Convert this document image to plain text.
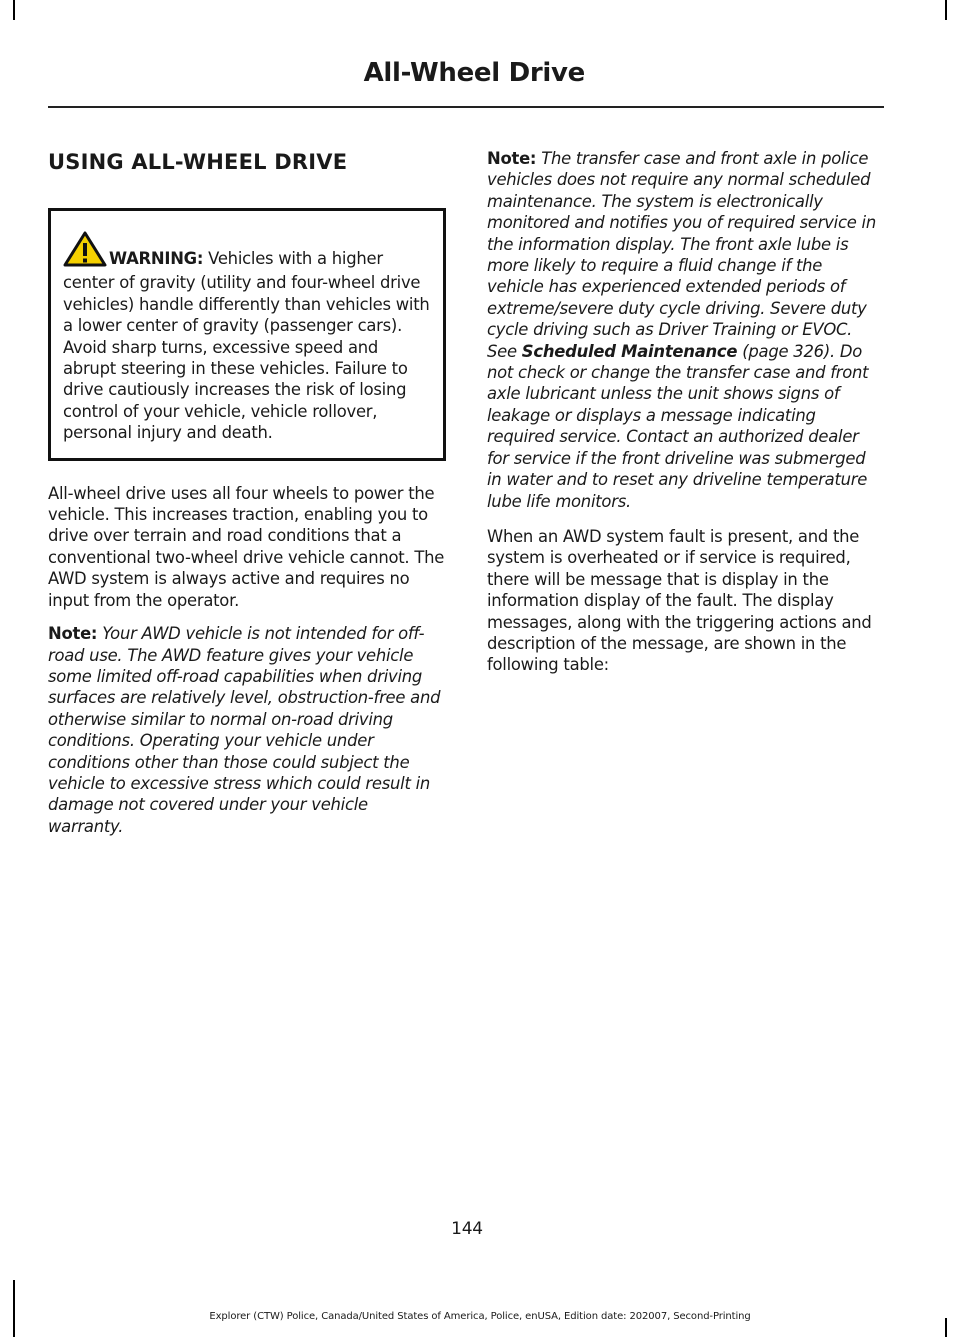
All-Wheel Drive
USING ALL-WHEEL DRIVE
WARNING: Vehicles with a higher center of gravity (utility and four-wheel drive vehicles) handle differently than vehicles with a lower center of gravity (passenger cars). Avoid sharp turns, excessive speed and abrupt steering in these vehicles. Failure to drive cautiously increases the risk of losing control of your vehicle, vehicle rollover, personal injury and death.

All-wheel drive uses all four wheels to power the vehicle. This increases traction, enabling you to drive over terrain and road conditions that a conventional two-wheel drive vehicle cannot. The AWD system is always active and requires no input from the operator.

Note: Your AWD vehicle is not intended for off-road use. The AWD feature gives your vehicle some limited off-road capabilities when driving surfaces are relatively level, obstruction-free and otherwise similar to normal on-road driving conditions. Operating your vehicle under conditions other than those could subject the vehicle to excessive stress which could result in damage not covered under your vehicle warranty.

Note: The transfer case and front axle in police vehicles does not require any normal scheduled maintenance. The system is electronically monitored and notifies you of required service in the information display. The front axle lube is more likely to require a fluid change if the vehicle has experienced extended periods of extreme/severe duty cycle driving. Severe duty cycle driving such as Driver Training or EVOC. See Scheduled Maintenance (page 326). Do not check or change the transfer case and front axle lubricant unless the unit shows signs of leakage or displays a message indicating required service. Contact an authorized dealer for service if the front driveline was submerged in water and to reset any driveline temperature lube life monitors.

When an AWD system fault is present, and the system is overheated or if service is required, there will be message that is display in the information display of the fault. The display messages, along with the triggering actions and description of the message, are shown in the following table:

144

Explorer (CTW) Police, Canada/United States of America, Police, enUSA, Edition date: 202007, Second-Printing
